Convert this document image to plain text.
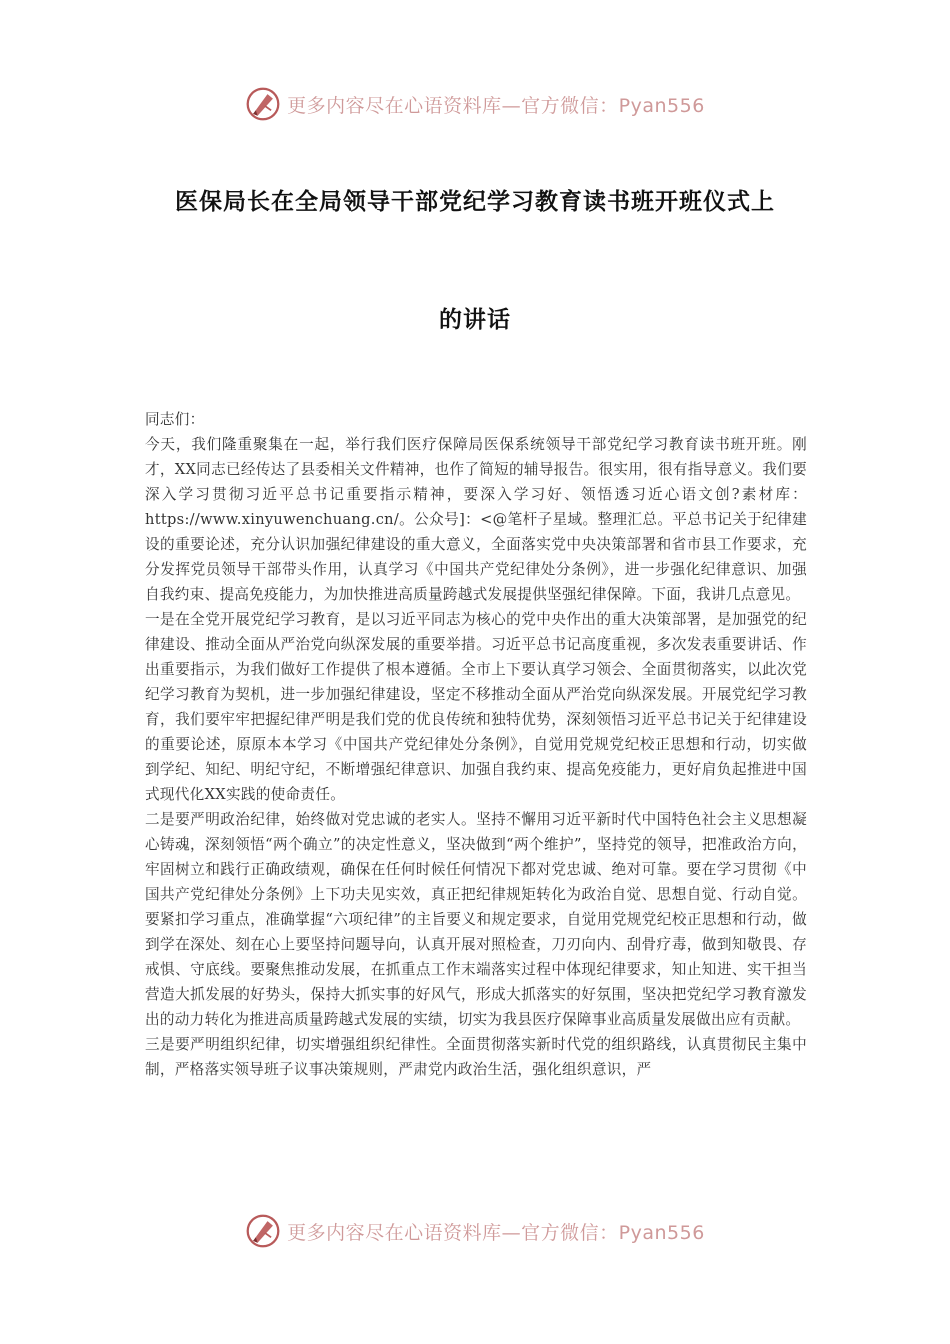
更多内容尽在心语资料库—官方微信：Pyan556
医保局长在全局领导干部党纪学习教育读书班开班仪式上
的讲话

同志们：

今天，我们隆重聚集在一起，举行我们医疗保障局医保系统领导干部党纪学习教育读书班开班。刚才，XX同志已经传达了县委相关文件精神，也作了简短的辅导报告。很实用，很有指导意义。我们要深入学习贯彻习近平总书记重要指示精神，要深入学习好、领悟透习近心语文创?素材库：https://www.xinyuwenchuang.cn/。公众号]：<@笔杆子星域。整理汇总。平总书记关于纪律建设的重要论述，充分认识加强纪律建设的重大意义，全面落实党中央决策部署和省市县工作要求，充分发挥党员领导干部带头作用，认真学习《中国共产党纪律处分条例》，进一步强化纪律意识、加强自我约束、提高免疫能力，为加快推进高质量跨越式发展提供坚强纪律保障。下面，我讲几点意见。

一是在全党开展党纪学习教育，是以习近平同志为核心的党中央作出的重大决策部署，是加强党的纪律建设、推动全面从严治党向纵深发展的重要举措。习近平总书记高度重视，多次发表重要讲话、作出重要指示，为我们做好工作提供了根本遵循。全市上下要认真学习领会、全面贯彻落实，以此次党纪学习教育为契机，进一步加强纪律建设，坚定不移推动全面从严治党向纵深发展。开展党纪学习教育，我们要牢牢把握纪律严明是我们党的优良传统和独特优势，深刻领悟习近平总书记关于纪律建设的重要论述，原原本本学习《中国共产党纪律处分条例》，自觉用党规党纪校正思想和行动，切实做到学纪、知纪、明纪守纪，不断增强纪律意识、加强自我约束、提高免疫能力，更好肩负起推进中国式现代化XX实践的使命责任。

二是要严明政治纪律，始终做对党忠诚的老实人。坚持不懈用习近平新时代中国特色社会主义思想凝心铸魂，深刻领悟“两个确立”的决定性意义，坚决做到“两个维护”，坚持党的领导，把准政治方向，牢固树立和践行正确政绩观，确保在任何时候任何情况下都对党忠诚、绝对可靠。要在学习贯彻《中国共产党纪律处分条例》上下功夫见实效，真正把纪律规矩转化为政治自觉、思想自觉、行动自觉。要紧扣学习重点，准确掌握“六项纪律”的主旨要义和规定要求，自觉用党规党纪校正思想和行动，做到学在深处、刻在心上要坚持问题导向，认真开展对照检查，刀刃向内、刮骨疗毒，做到知敬畏、存戒惧、守底线。要聚焦推动发展，在抓重点工作末端落实过程中体现纪律要求，知止知进、实干担当营造大抓发展的好势头，保持大抓实事的好风气，形成大抓落实的好氛围，坚决把党纪学习教育激发出的动力转化为推进高质量跨越式发展的实绩，切实为我县医疗保障事业高质量发展做出应有贡献。

三是要严明组织纪律，切实增强组织纪律性。全面贯彻落实新时代党的组织路线，认真贯彻民主集中制，严格落实领导班子议事决策规则，严肃党内政治生活，强化组织意识，严

更多内容尽在心语资料库—官方微信：Pyan556
